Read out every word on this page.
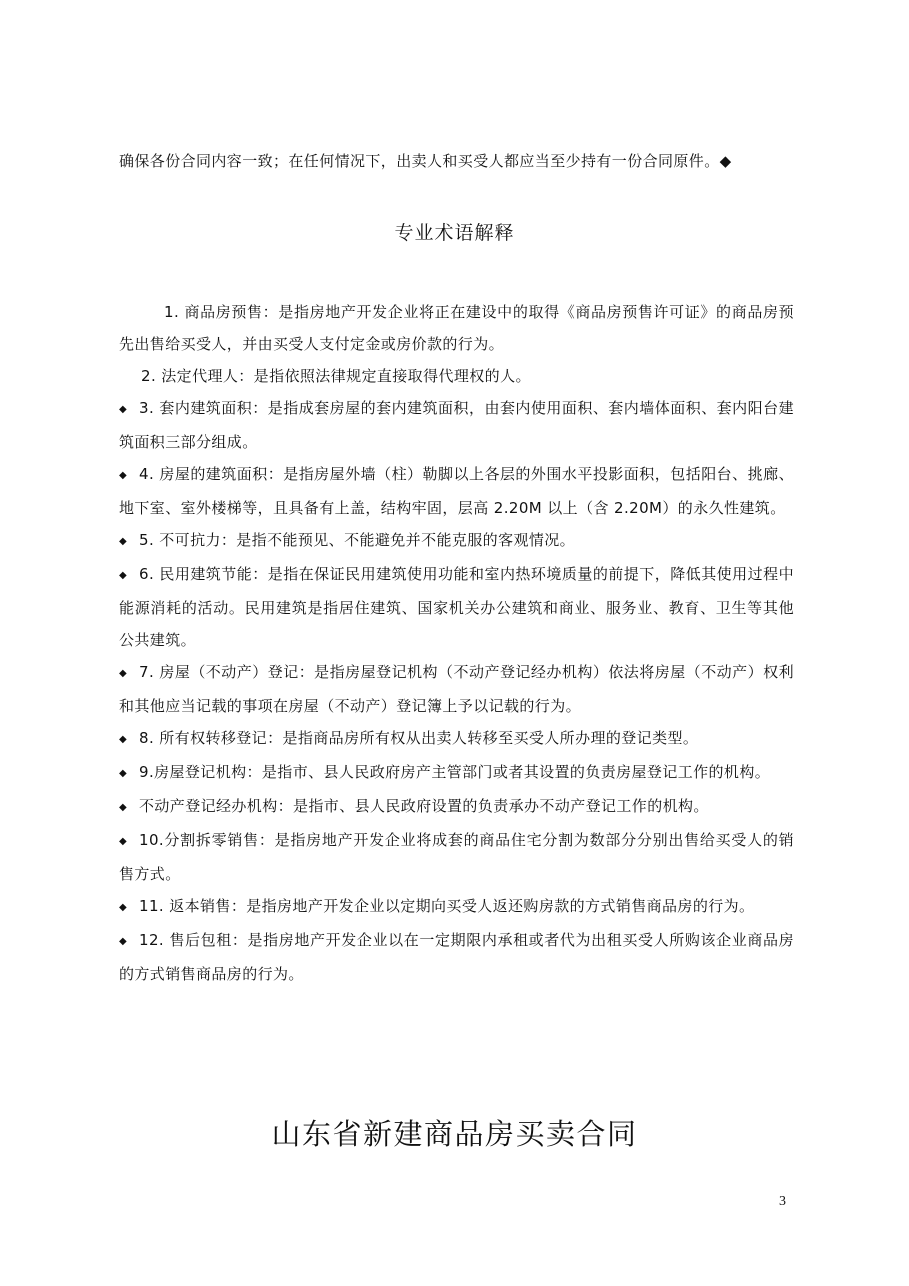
确保各份合同内容一致；在任何情况下，出卖人和买受人都应当至少持有一份合同原件。◆
专业术语解释

1. 商品房预售：是指房地产开发企业将正在建设中的取得《商品房预售许可证》的商品房预先出售给买受人，并由买受人支付定金或房价款的行为。

2. 法定代理人：是指依照法律规定直接取得代理权的人。

◆ 3. 套内建筑面积：是指成套房屋的套内建筑面积，由套内使用面积、套内墙体面积、套内阳台建筑面积三部分组成。

◆ 4. 房屋的建筑面积：是指房屋外墙（柱）勒脚以上各层的外围水平投影面积，包括阳台、挑廊、地下室、室外楼梯等，且具备有上盖，结构牢固，层高 2.20M 以上（含 2.20M）的永久性建筑。

◆ 5. 不可抗力：是指不能预见、不能避免并不能克服的客观情况。

◆ 6. 民用建筑节能：是指在保证民用建筑使用功能和室内热环境质量的前提下，降低其使用过程中能源消耗的活动。民用建筑是指居住建筑、国家机关办公建筑和商业、服务业、教育、卫生等其他公共建筑。

◆ 7. 房屋（不动产）登记：是指房屋登记机构（不动产登记经办机构）依法将房屋（不动产）权利和其他应当记载的事项在房屋（不动产）登记簿上予以记载的行为。

◆ 8. 所有权转移登记：是指商品房所有权从出卖人转移至买受人所办理的登记类型。

◆ 9.房屋登记机构：是指市、县人民政府房产主管部门或者其设置的负责房屋登记工作的机构。

◆ 不动产登记经办机构：是指市、县人民政府设置的负责承办不动产登记工作的机构。

◆ 10.分割拆零销售：是指房地产开发企业将成套的商品住宅分割为数部分分别出售给买受人的销售方式。

◆ 11. 返本销售：是指房地产开发企业以定期向买受人返还购房款的方式销售商品房的行为。

◆ 12. 售后包租：是指房地产开发企业以在一定期限内承租或者代为出租买受人所购该企业商品房的方式销售商品房的行为。

山东省新建商品房买卖合同
3
